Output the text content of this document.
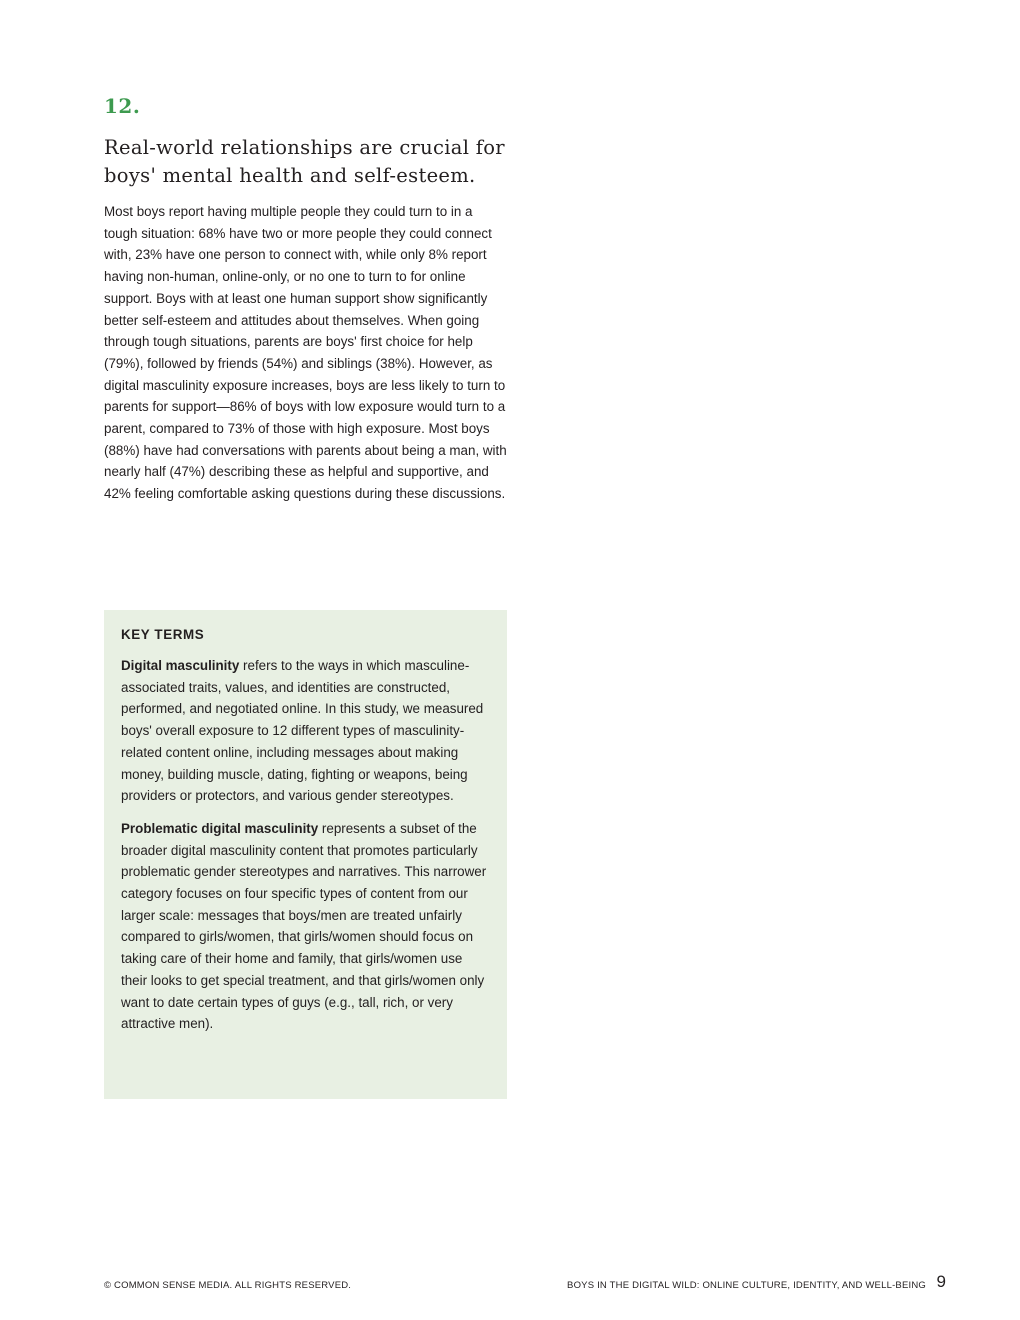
12.
Real-world relationships are crucial for boys' mental health and self-esteem.

Most boys report having multiple people they could turn to in a tough situation: 68% have two or more people they could connect with, 23% have one person to connect with, while only 8% report having non-human, online-only, or no one to turn to for online support. Boys with at least one human support show significantly better self-esteem and attitudes about themselves. When going through tough situations, parents are boys' first choice for help (79%), followed by friends (54%) and siblings (38%). However, as digital masculinity exposure increases, boys are less likely to turn to parents for support—86% of boys with low exposure would turn to a parent, compared to 73% of those with high exposure. Most boys (88%) have had conversations with parents about being a man, with nearly half (47%) describing these as helpful and supportive, and 42% feeling comfortable asking questions during these discussions.

KEY TERMS

Digital masculinity refers to the ways in which masculine-associated traits, values, and identities are constructed, performed, and negotiated online. In this study, we measured boys' overall exposure to 12 different types of masculinity-related content online, including messages about making money, building muscle, dating, fighting or weapons, being providers or protectors, and various gender stereotypes.

Problematic digital masculinity represents a subset of the broader digital masculinity content that promotes particularly problematic gender stereotypes and narratives. This narrower category focuses on four specific types of content from our larger scale: messages that boys/men are treated unfairly compared to girls/women, that girls/women should focus on taking care of their home and family, that girls/women use their looks to get special treatment, and that girls/women only want to date certain types of guys (e.g., tall, rich, or very attractive men).

© COMMON SENSE MEDIA. ALL RIGHTS RESERVED.	BOYS IN THE DIGITAL WILD: ONLINE CULTURE, IDENTITY, AND WELL-BEING 9
